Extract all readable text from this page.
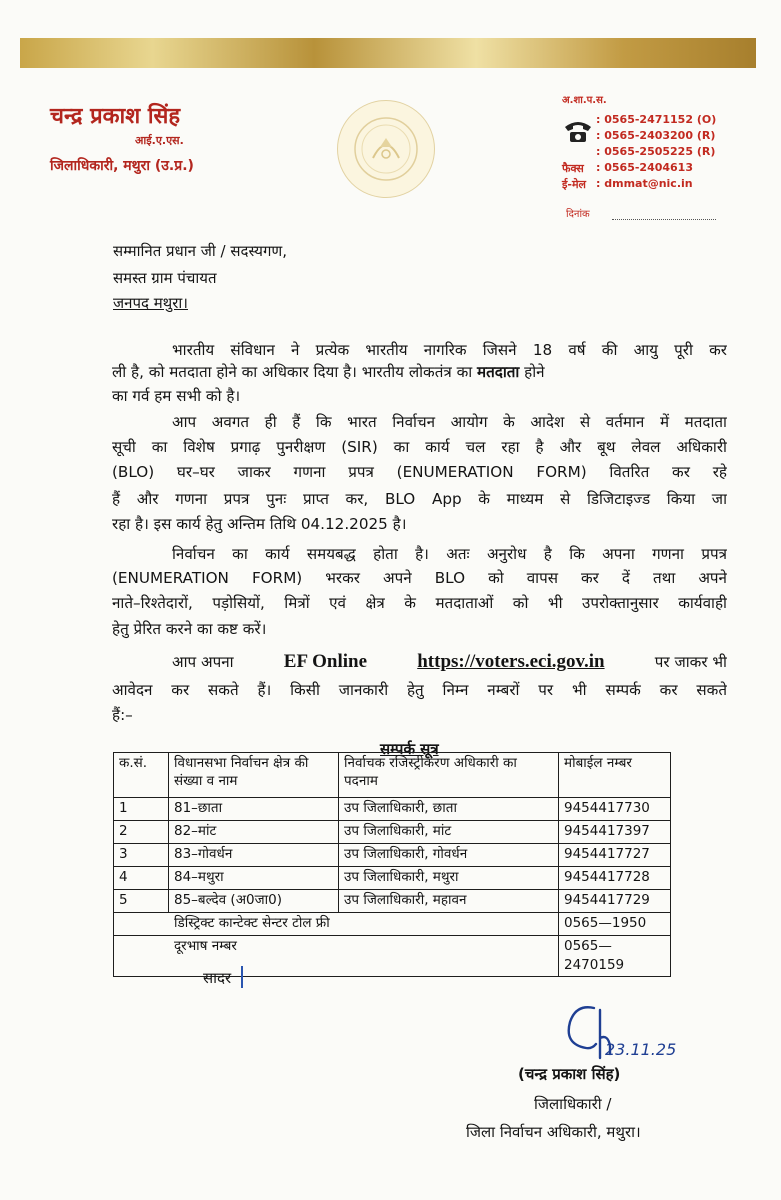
चन्द्र प्रकाश सिंह
आई.ए.एस.
जिलाधिकारी, मथुरा (उ.प्र.)
अ.शा.प.स.
: 0565-2471152 (O)
: 0565-2403200 (R)
: 0565-2505225 (R)
फैक्स : 0565-2404613
ई-मेल : dmmat@nic.in
दिनांक
सम्मानित प्रधान जी / सदस्यगण,
समस्त ग्राम पंचायत
जनपद मथुरा।
भारतीय संविधान ने प्रत्येक भारतीय नागरिक जिसने 18 वर्ष की आयु पूरी कर
ली है, को मतदाता होने का अधिकार दिया है। भारतीय लोकतंत्र का मतदाता होने
का गर्व हम सभी को है।
आप अवगत ही हैं कि भारत निर्वाचन आयोग के आदेश से वर्तमान में मतदाता
सूची का विशेष प्रगाढ़ पुनरीक्षण (SIR) का कार्य चल रहा है और बूथ लेवल अधिकारी
(BLO) घर–घर जाकर गणना प्रपत्र (ENUMERATION FORM) वितरित कर रहे
हैं और गणना प्रपत्र पुनः प्राप्त कर, BLO App के माध्यम से डिजिटाइज्ड किया जा
रहा है। इस कार्य हेतु अन्तिम तिथि 04.12.2025 है।
निर्वाचन का कार्य समयबद्ध होता है। अतः अनुरोध है कि अपना गणना प्रपत्र
(ENUMERATION FORM) भरकर अपने BLO को वापस कर दें तथा अपने
नाते–रिश्तेदारों, पड़ोसियों, मित्रों एवं क्षेत्र के मतदाताओं को भी उपरोक्तानुसार कार्यवाही
हेतु प्रेरित करने का कष्ट करें।
आप अपना	EF Online	https://voters.eci.gov.in	पर जाकर भी
आवेदन कर सकते हैं। किसी जानकारी हेतु निम्न नम्बरों पर भी सम्पर्क कर सकते
हैं:–
सम्पर्क सूत्र
क.सं.	विधानसभा निर्वाचन क्षेत्र की संख्या व नाम	निर्वाचक रजिस्ट्रीकरण अधिकारी का पदनाम	मोबाईल नम्बर
1	81–छाता	उप जिलाधिकारी, छाता	9454417730
2	82–मांट	उप जिलाधिकारी, मांट	9454417397
3	83–गोवर्धन	उप जिलाधिकारी, गोवर्धन	9454417727
4	84–मथुरा	उप जिलाधिकारी, मथुरा	9454417728
5	85–बल्देव (अ0जा0)	उप जिलाधिकारी, महावन	9454417729
डिस्ट्रिक्ट कान्टेक्ट सेन्टर टोल फ्री			0565—1950
दूरभाष नम्बर			0565—2470159
सादर
23.11.25
(चन्द्र प्रकाश सिंह)
जिलाधिकारी /
जिला निर्वाचन अधिकारी, मथुरा।
